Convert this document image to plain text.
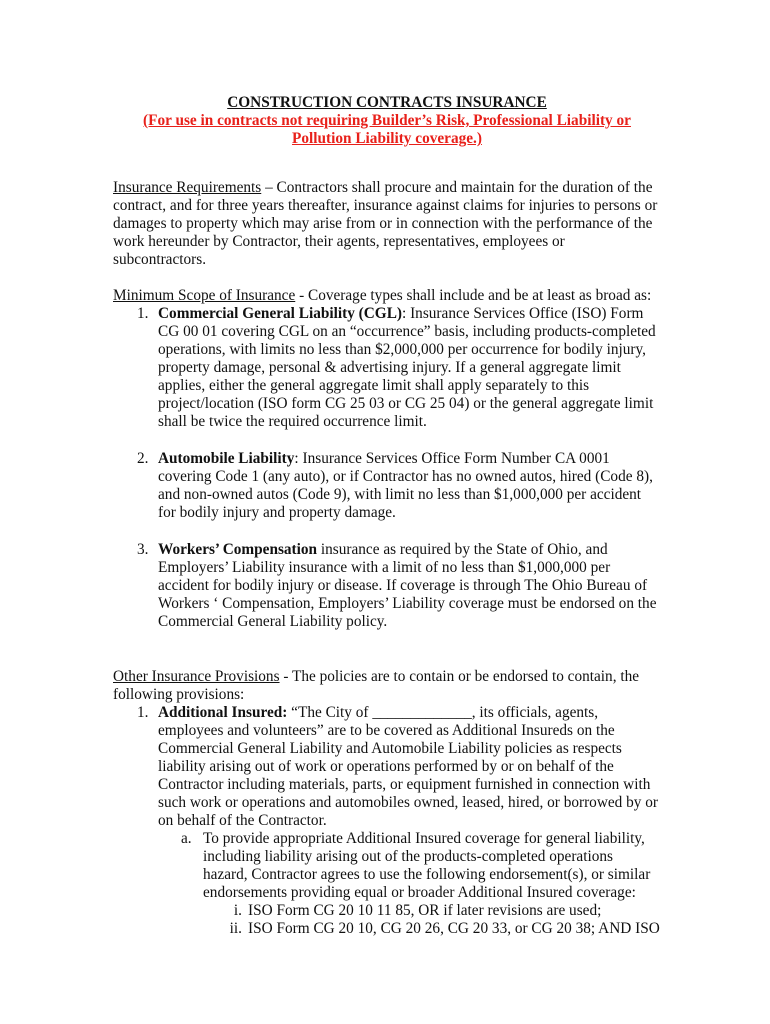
CONSTRUCTION CONTRACTS INSURANCE

(For use in contracts not requiring Builder’s Risk, Professional Liability or Pollution Liability coverage.)

Insurance Requirements – Contractors shall procure and maintain for the duration of the contract, and for three years thereafter, insurance against claims for injuries to persons or damages to property which may arise from or in connection with the performance of the work hereunder by Contractor, their agents, representatives, employees or subcontractors.

Minimum Scope of Insurance - Coverage types shall include and be at least as broad as:

1. Commercial General Liability (CGL): Insurance Services Office (ISO) Form CG 00 01 covering CGL on an “occurrence” basis, including products-completed operations, with limits no less than $2,000,000 per occurrence for bodily injury, property damage, personal & advertising injury. If a general aggregate limit applies, either the general aggregate limit shall apply separately to this project/location (ISO form CG 25 03 or CG 25 04) or the general aggregate limit shall be twice the required occurrence limit.
2. Automobile Liability: Insurance Services Office Form Number CA 0001 covering Code 1 (any auto), or if Contractor has no owned autos, hired (Code 8), and non-owned autos (Code 9), with limit no less than $1,000,000 per accident for bodily injury and property damage.
3. Workers’ Compensation insurance as required by the State of Ohio, and Employers’ Liability insurance with a limit of no less than $1,000,000 per accident for bodily injury or disease. If coverage is through The Ohio Bureau of Workers ‘ Compensation, Employers’ Liability coverage must be endorsed on the Commercial General Liability policy.

Other Insurance Provisions - The policies are to contain or be endorsed to contain, the following provisions:

1. Additional Insured: “The City of _____________, its officials, agents, employees and volunteers” are to be covered as Additional Insureds on the Commercial General Liability and Automobile Liability policies as respects liability arising out of work or operations performed by or on behalf of the Contractor including materials, parts, or equipment furnished in connection with such work or operations and automobiles owned, leased, hired, or borrowed by or on behalf of the Contractor.
a. To provide appropriate Additional Insured coverage for general liability, including liability arising out of the products-completed operations hazard, Contractor agrees to use the following endorsement(s), or similar endorsements providing equal or broader Additional Insured coverage:
i. ISO Form CG 20 10 11 85, OR if later revisions are used;
ii. ISO Form CG 20 10, CG 20 26, CG 20 33, or CG 20 38; AND ISO
